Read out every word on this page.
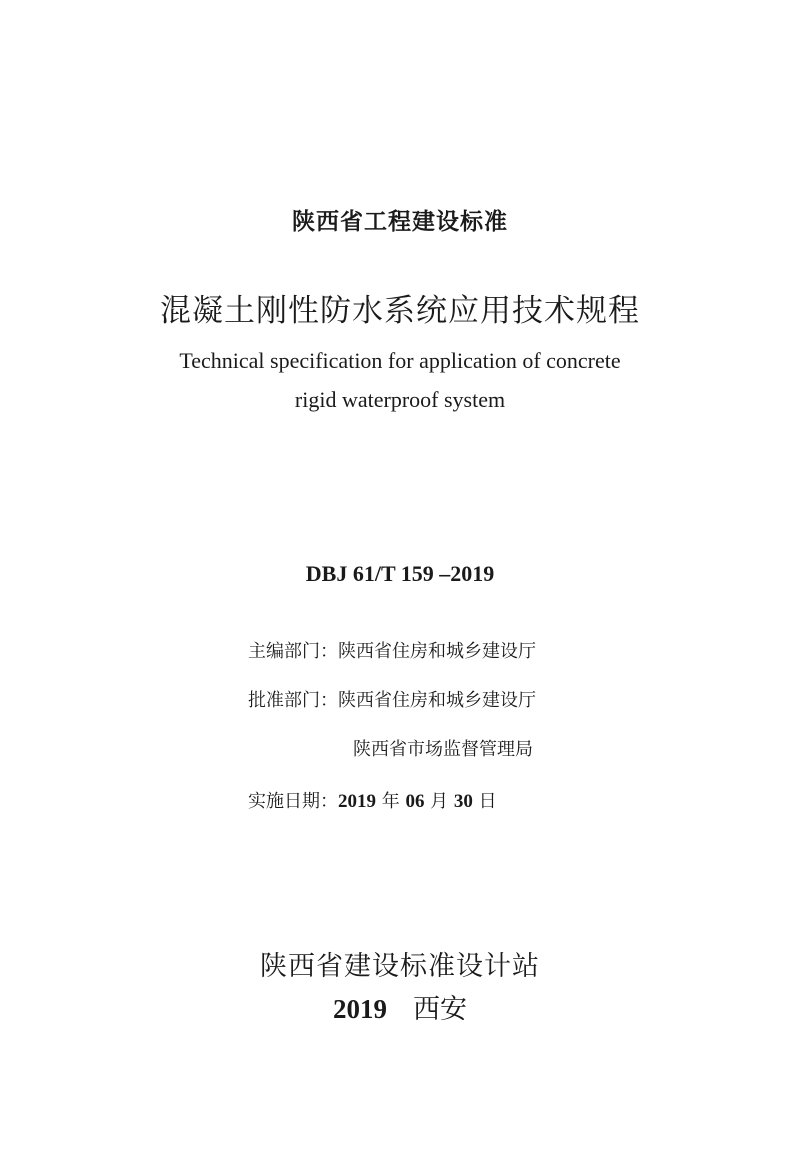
陕西省工程建设标准
混凝土刚性防水系统应用技术规程
Technical specification for application of concrete
rigid waterproof system
DBJ 61/T 159 –2019
主编部门：陕西省住房和城乡建设厅
批准部门：陕西省住房和城乡建设厅
陕西省市场监督管理局
实施日期：2019 年 06 月 30 日
陕西省建设标准设计站
2019 西安
